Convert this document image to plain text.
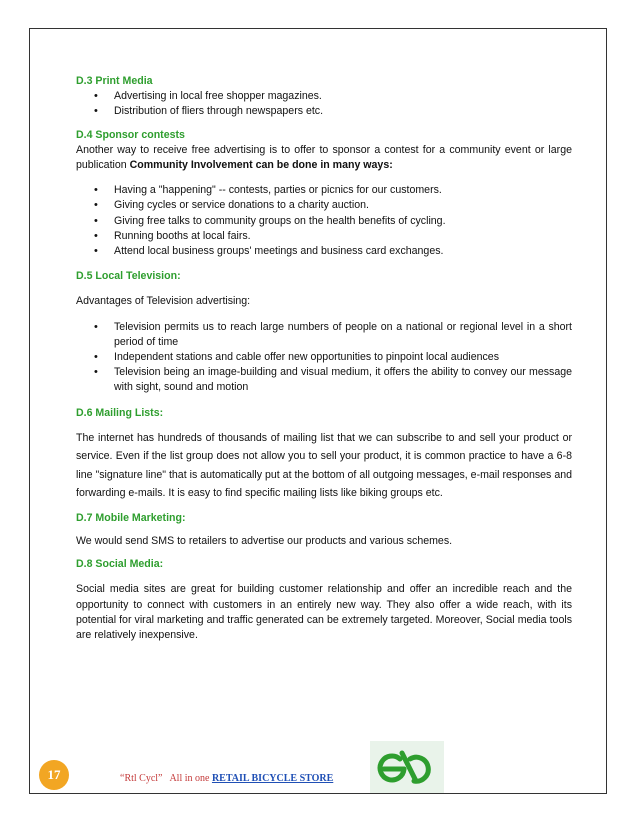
D.3 Print Media

• Advertising in local free shopper magazines.
• Distribution of fliers through newspapers etc.

D.4 Sponsor contests

Another way to receive free advertising is to offer to sponsor a contest for a community event or large publication Community Involvement can be done in many ways:

• Having a "happening" -- contests, parties or picnics for our customers.
• Giving cycles or service donations to a charity auction.
• Giving free talks to community groups on the health benefits of cycling.
• Running booths at local fairs.
• Attend local business groups' meetings and business card exchanges.

D.5 Local Television:

Advantages of Television advertising:

• Television permits us to reach large numbers of people on a national or regional level in a short period of time
• Independent stations and cable offer new opportunities to pinpoint local audiences
• Television being an image-building and visual medium, it offers the ability to convey our message with sight, sound and motion

D.6 Mailing Lists:

The internet has hundreds of thousands of mailing list that we can subscribe to and sell your product or service. Even if the list group does not allow you to sell your product, it is common practice to have a 6-8 line "signature line" that is automatically put at the bottom of all outgoing messages, e-mail responses and forwarding e-mails. It is easy to find specific mailing lists like biking groups etc.

D.7 Mobile Marketing:

We would send SMS to retailers to advertise our products and various schemes.

D.8 Social Media:

Social media sites are great for building customer relationship and offer an incredible reach and the opportunity to connect with customers in an entirely new way. They also offer a wide reach, with its potential for viral marketing and traffic generated can be extremely targeted. Moreover, Social media tools are relatively inexpensive.

17	“Rtl Cycl” All in one RETAIL BICYCLE STORE
